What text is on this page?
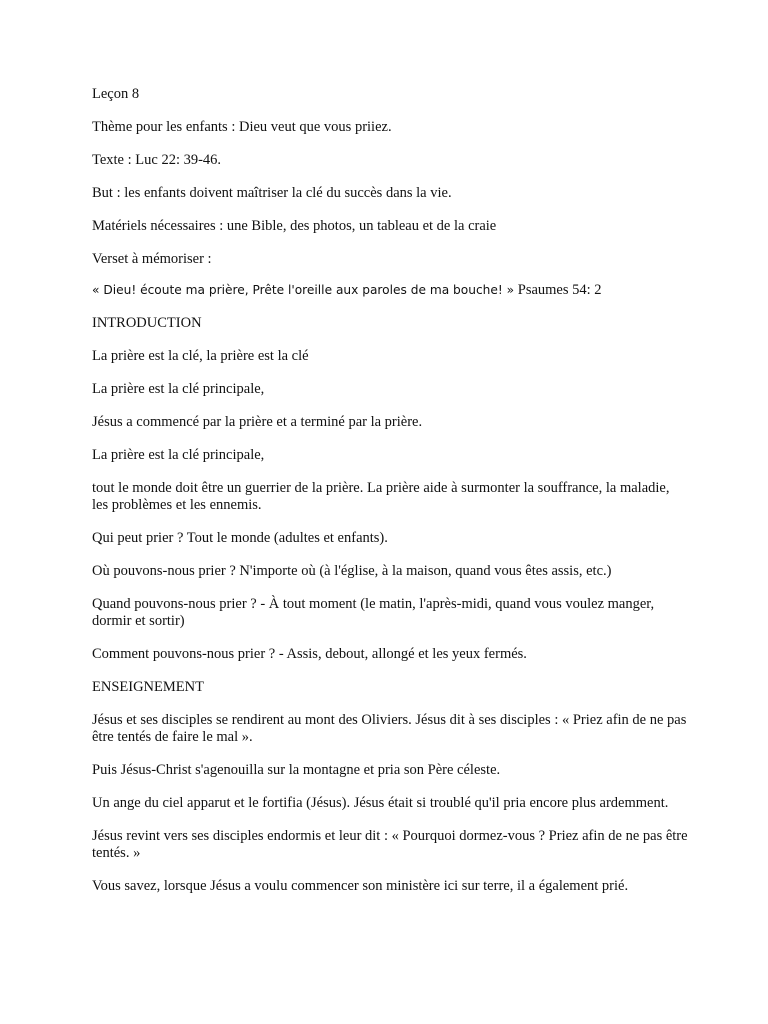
Leçon 8

Thème pour les enfants : Dieu veut que vous priiez.

Texte : Luc 22: 39-46.

But : les enfants doivent maîtriser la clé du succès dans la vie.

Matériels nécessaires : une Bible, des photos, un tableau et de la craie

Verset à mémoriser :

« Dieu! écoute ma prière, Prête l'oreille aux paroles de ma bouche! » Psaumes 54: 2

INTRODUCTION

La prière est la clé, la prière est la clé

La prière est la clé principale,

Jésus a commencé par la prière et a terminé par la prière.

La prière est la clé principale,

tout le monde doit être un guerrier de la prière. La prière aide à surmonter la souffrance, la maladie, les problèmes et les ennemis.

Qui peut prier ? Tout le monde (adultes et enfants).

Où pouvons-nous prier ? N'importe où (à l'église, à la maison, quand vous êtes assis, etc.)

Quand pouvons-nous prier ? - À tout moment (le matin, l'après-midi, quand vous voulez manger, dormir et sortir)

Comment pouvons-nous prier ? - Assis, debout, allongé et les yeux fermés.

ENSEIGNEMENT

Jésus et ses disciples se rendirent au mont des Oliviers. Jésus dit à ses disciples : « Priez afin de ne pas être tentés de faire le mal ».

Puis Jésus-Christ s'agenouilla sur la montagne et pria son Père céleste.

Un ange du ciel apparut et le fortifia (Jésus). Jésus était si troublé qu'il pria encore plus ardemment.

Jésus revint vers ses disciples endormis et leur dit : « Pourquoi dormez-vous ? Priez afin de ne pas être tentés. »

Vous savez, lorsque Jésus a voulu commencer son ministère ici sur terre, il a également prié.
